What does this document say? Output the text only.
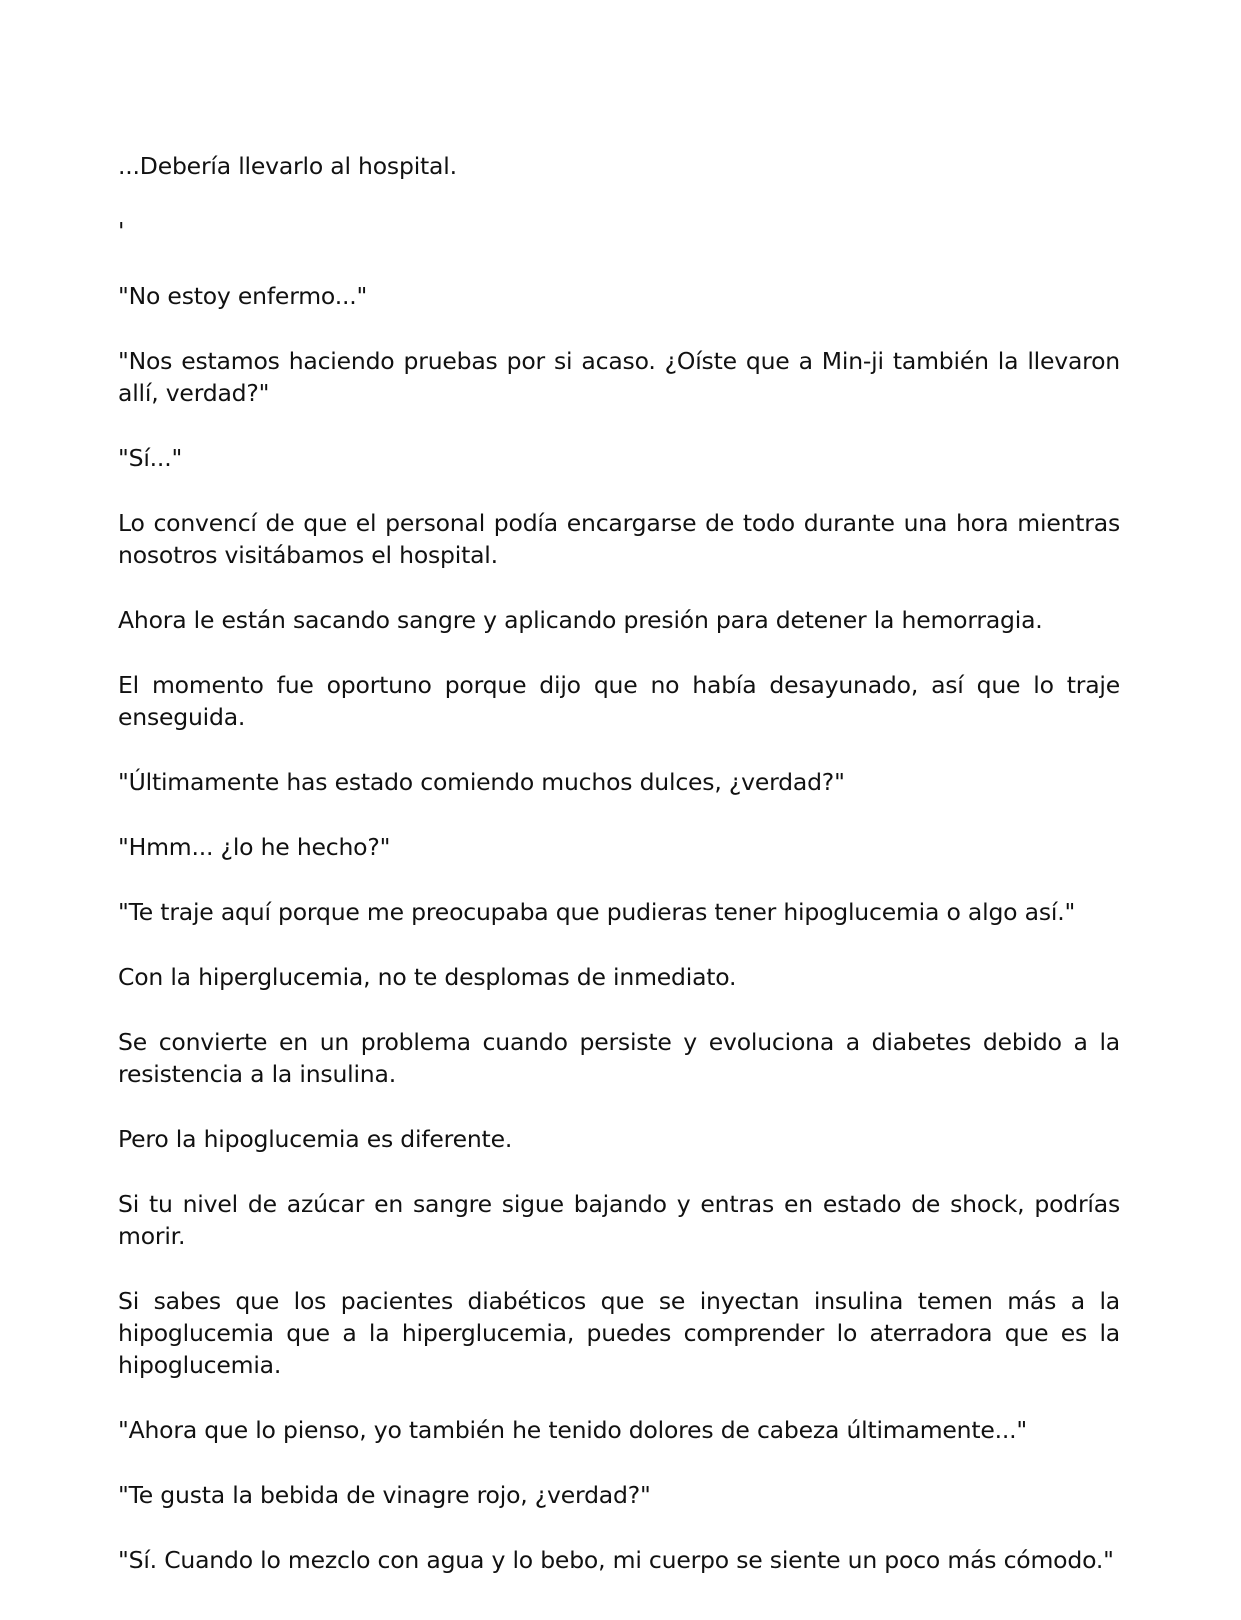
...Debería llevarlo al hospital.

'

"No estoy enfermo..."

"Nos estamos haciendo pruebas por si acaso. ¿Oíste que a Min-ji también la llevaron allí, verdad?"

"Sí..."

Lo convencí de que el personal podía encargarse de todo durante una hora mientras nosotros visitábamos el hospital.

Ahora le están sacando sangre y aplicando presión para detener la hemorragia.

El momento fue oportuno porque dijo que no había desayunado, así que lo traje enseguida.

"Últimamente has estado comiendo muchos dulces, ¿verdad?"

"Hmm... ¿lo he hecho?"

"Te traje aquí porque me preocupaba que pudieras tener hipoglucemia o algo así."

Con la hiperglucemia, no te desplomas de inmediato.

Se convierte en un problema cuando persiste y evoluciona a diabetes debido a la resistencia a la insulina.

Pero la hipoglucemia es diferente.

Si tu nivel de azúcar en sangre sigue bajando y entras en estado de shock, podrías morir.

Si sabes que los pacientes diabéticos que se inyectan insulina temen más a la hipoglucemia que a la hiperglucemia, puedes comprender lo aterradora que es la hipoglucemia.

"Ahora que lo pienso, yo también he tenido dolores de cabeza últimamente..."

"Te gusta la bebida de vinagre rojo, ¿verdad?"

"Sí. Cuando lo mezclo con agua y lo bebo, mi cuerpo se siente un poco más cómodo."
